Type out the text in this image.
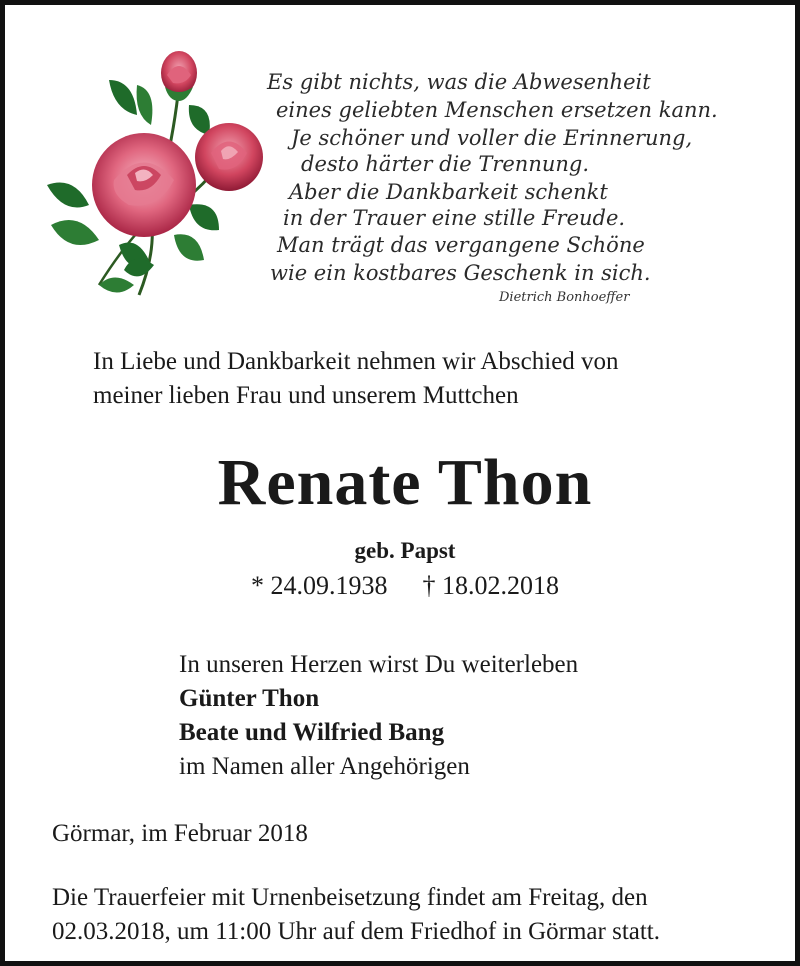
Es gibt nichts, was die Abwesenheit
eines geliebten Menschen ersetzen kann.
Je schöner und voller die Erinnerung,
desto härter die Trennung.
Aber die Dankbarkeit schenkt
in der Trauer eine stille Freude.
Man trägt das vergangene Schöne
wie ein kostbares Geschenk in sich.
Dietrich Bonhoeffer
In Liebe und Dankbarkeit nehmen wir Abschied von
meiner lieben Frau und unserem Muttchen
Renate Thon
geb. Papst
* 24.09.1938 † 18.02.2018
In unseren Herzen wirst Du weiterleben
Günter Thon
Beate und Wilfried Bang
im Namen aller Angehörigen
Görmar, im Februar 2018
Die Trauerfeier mit Urnenbeisetzung findet am Freitag, den
02.03.2018, um 11:00 Uhr auf dem Friedhof in Görmar statt.
